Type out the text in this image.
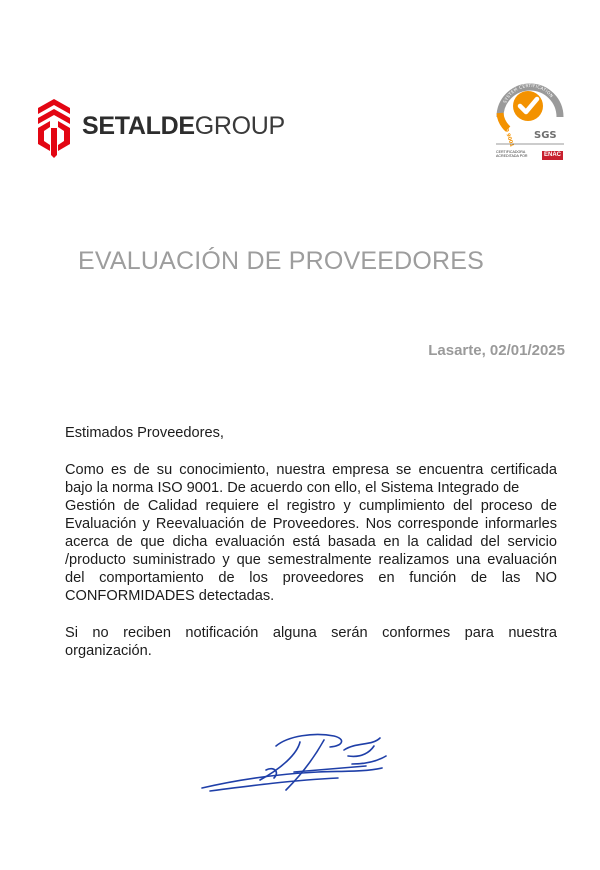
SETALDEGROUP
SYSTEM CERTIFICATION
ISO 9001 SGS
CERTIFICADORA ACREDITADA POR	ENAC
EVALUACIÓN DE PROVEEDORES
Lasarte, 02/01/2025

Estimados Proveedores,

Como es de su conocimiento, nuestra empresa se encuentra certificada bajo la norma ISO 9001. De acuerdo con ello, el Sistema Integrado de

Gestión de Calidad requiere el registro y cumplimiento del proceso de Evaluación y Reevaluación de Proveedores. Nos corresponde informarles acerca de que dicha evaluación está basada en la calidad del servicio /producto suministrado y que semestralmente realizamos una evaluación del comportamiento de los proveedores en función de las NO CONFORMIDADES detectadas.

Si no reciben notificación alguna serán conformes para nuestra organización.
